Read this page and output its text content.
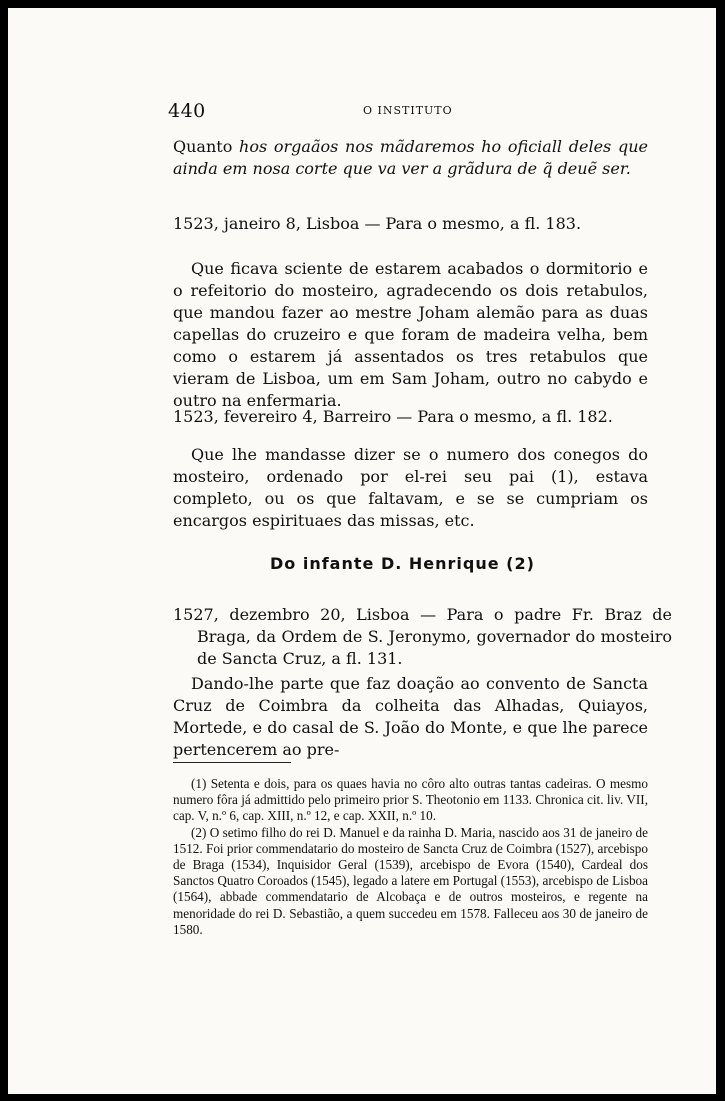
440	O INSTITUTO
Quanto hos orgaãos nos mãdaremos ho oficiall deles que ainda em nosa corte que va ver a grãdura de q̃ deuẽ ser.
1523, janeiro 8, Lisboa — Para o mesmo, a fl. 183.
Que ficava sciente de estarem acabados o dormitorio e o refeitorio do mosteiro, agradecendo os dois retabulos, que mandou fazer ao mestre Joham alemão para as duas capellas do cruzeiro e que foram de madeira velha, bem como o estarem já assentados os tres retabulos que vieram de Lisboa, um em Sam Joham, outro no cabydo e outro na enfermaria.
1523, fevereiro 4, Barreiro — Para o mesmo, a fl. 182.
Que lhe mandasse dizer se o numero dos conegos do mosteiro, ordenado por el-rei seu pai (1), estava completo, ou os que faltavam, e se se cumpriam os encargos espirituaes das missas, etc.
Do infante D. Henrique (2)
1527, dezembro 20, Lisboa — Para o padre Fr. Braz de Braga, da Ordem de S. Jeronymo, governador do mosteiro de Sancta Cruz, a fl. 131.
Dando-lhe parte que faz doação ao convento de Sancta Cruz de Coimbra da colheita das Alhadas, Quiayos, Mortede, e do casal de S. João do Monte, e que lhe parece pertencerem ao pre-

(1) Setenta e dois, para os quaes havia no côro alto outras tantas cadeiras. O mesmo numero fôra já admittido pelo primeiro prior S. Theotonio em 1133. Chronica cit. liv. VII, cap. V, n.º 6, cap. XIII, n.º 12, e cap. XXII, n.º 10.

(2) O setimo filho do rei D. Manuel e da rainha D. Maria, nascido aos 31 de janeiro de 1512. Foi prior commendatario do mosteiro de Sancta Cruz de Coimbra (1527), arcebispo de Braga (1534), Inquisidor Geral (1539), arcebispo de Evora (1540), Cardeal dos Sanctos Quatro Coroados (1545), legado a latere em Portugal (1553), arcebispo de Lisboa (1564), abbade commendatario de Alcobaça e de outros mosteiros, e regente na menoridade do rei D. Sebastião, a quem succedeu em 1578. Falleceu aos 30 de janeiro de 1580.
